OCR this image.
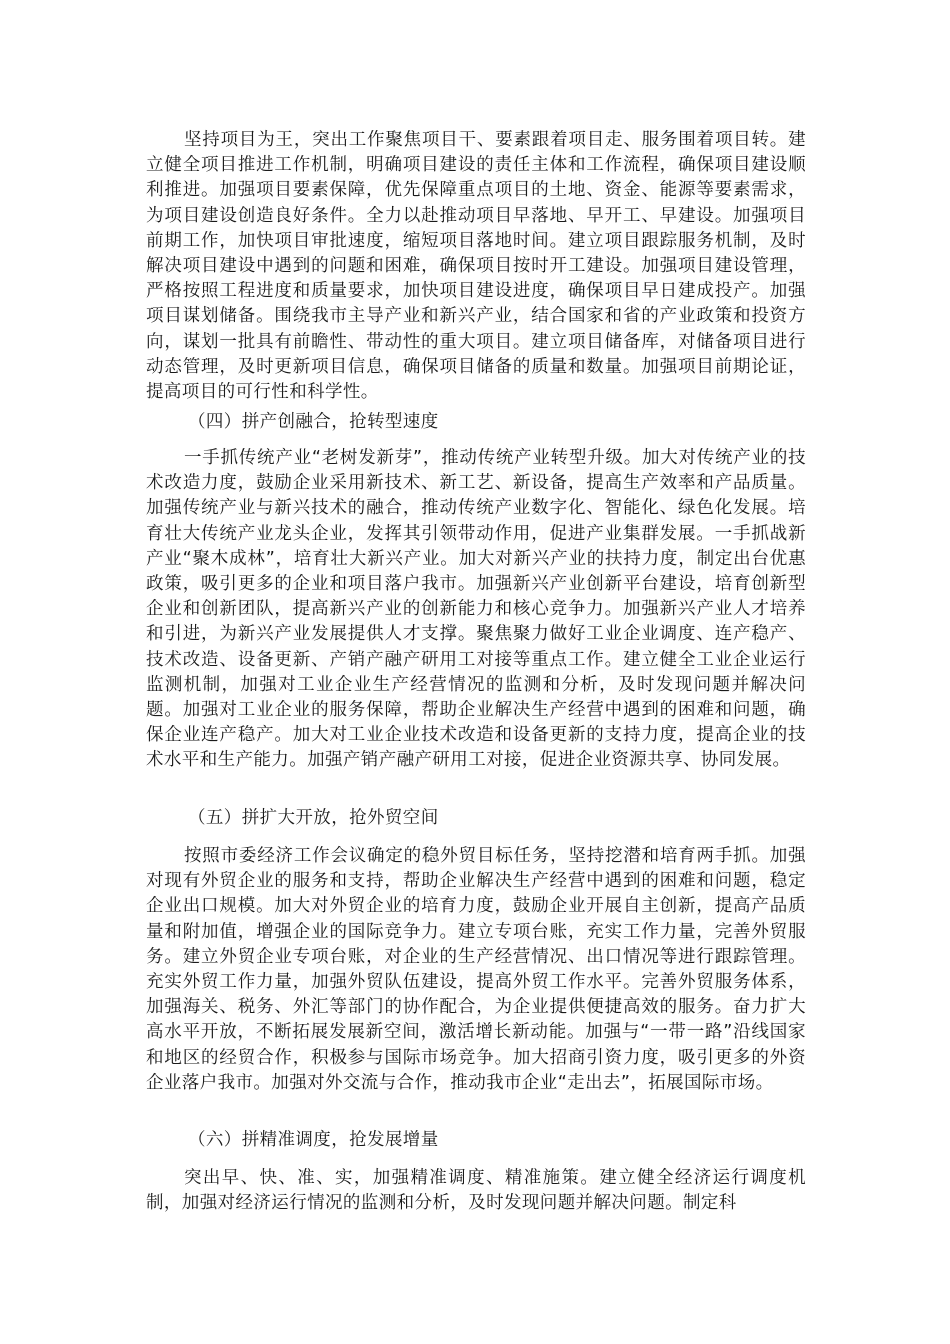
坚持项目为王，突出工作聚焦项目干、要素跟着项目走、服务围着项目转。建立健全项目推进工作机制，明确项目建设的责任主体和工作流程，确保项目建设顺利推进。加强项目要素保障，优先保障重点项目的土地、资金、能源等要素需求，为项目建设创造良好条件。全力以赴推动项目早落地、早开工、早建设。加强项目前期工作，加快项目审批速度，缩短项目落地时间。建立项目跟踪服务机制，及时解决项目建设中遇到的问题和困难，确保项目按时开工建设。加强项目建设管理，严格按照工程进度和质量要求，加快项目建设进度，确保项目早日建成投产。加强项目谋划储备。围绕我市主导产业和新兴产业，结合国家和省的产业政策和投资方向，谋划一批具有前瞻性、带动性的重大项目。建立项目储备库，对储备项目进行动态管理，及时更新项目信息，确保项目储备的质量和数量。加强项目前期论证，提高项目的可行性和科学性。

（四）拼产创融合，抢转型速度

一手抓传统产业“老树发新芽”，推动传统产业转型升级。加大对传统产业的技术改造力度，鼓励企业采用新技术、新工艺、新设备，提高生产效率和产品质量。加强传统产业与新兴技术的融合，推动传统产业数字化、智能化、绿色化发展。培育壮大传统产业龙头企业，发挥其引领带动作用，促进产业集群发展。一手抓战新产业“聚木成林”，培育壮大新兴产业。加大对新兴产业的扶持力度，制定出台优惠政策，吸引更多的企业和项目落户我市。加强新兴产业创新平台建设，培育创新型企业和创新团队，提高新兴产业的创新能力和核心竞争力。加强新兴产业人才培养和引进，为新兴产业发展提供人才支撑。聚焦聚力做好工业企业调度、连产稳产、技术改造、设备更新、产销产融产研用工对接等重点工作。建立健全工业企业运行监测机制，加强对工业企业生产经营情况的监测和分析，及时发现问题并解决问题。加强对工业企业的服务保障，帮助企业解决生产经营中遇到的困难和问题，确保企业连产稳产。加大对工业企业技术改造和设备更新的支持力度，提高企业的技术水平和生产能力。加强产销产融产研用工对接，促进企业资源共享、协同发展。

（五）拼扩大开放，抢外贸空间

按照市委经济工作会议确定的稳外贸目标任务，坚持挖潜和培育两手抓。加强对现有外贸企业的服务和支持，帮助企业解决生产经营中遇到的困难和问题，稳定企业出口规模。加大对外贸企业的培育力度，鼓励企业开展自主创新，提高产品质量和附加值，增强企业的国际竞争力。建立专项台账，充实工作力量，完善外贸服务。建立外贸企业专项台账，对企业的生产经营情况、出口情况等进行跟踪管理。充实外贸工作力量，加强外贸队伍建设，提高外贸工作水平。完善外贸服务体系，加强海关、税务、外汇等部门的协作配合，为企业提供便捷高效的服务。奋力扩大高水平开放，不断拓展发展新空间，激活增长新动能。加强与“一带一路”沿线国家和地区的经贸合作，积极参与国际市场竞争。加大招商引资力度，吸引更多的外资企业落户我市。加强对外交流与合作，推动我市企业“走出去”，拓展国际市场。

（六）拼精准调度，抢发展增量

突出早、快、准、实，加强精准调度、精准施策。建立健全经济运行调度机制，加强对经济运行情况的监测和分析，及时发现问题并解决问题。制定科
